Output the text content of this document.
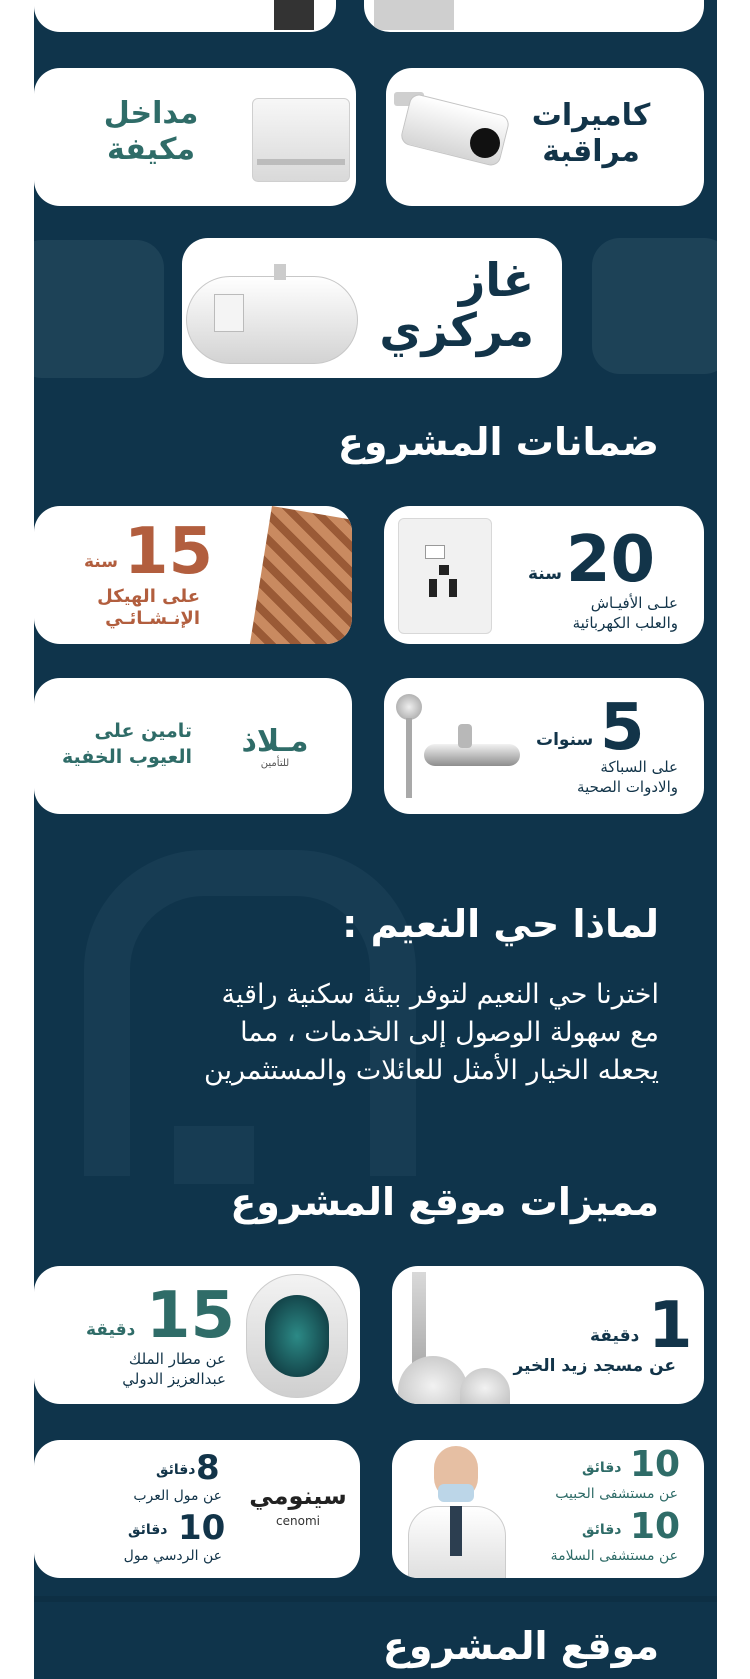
مداخل مكيفة
كاميرات مراقبة
غاز
مركزي
ضمانات المشروع
15
سنة
على الهيكل
الإنـشـائـي
20
سنة
علـى الأفيـاش
والعلب الكهربائية
تامين على
العيوب الخفية	مـلاذ
للتأمين	5
سنوات
على السباكة
والادوات الصحية
لماذا حي النعيم :
اخترنا حي النعيم لتوفر بيئة سكنية راقية
مع سهولة الوصول إلى الخدمات ، مما
يجعله الخيار الأمثل للعائلات والمستثمرين
مميزات موقع المشروع
15
دقيقة
عن مطار الملك
عبدالعزيز الدولي
1
دقيقة
عن مسجد زيد الخير
سينومي
cenomi
8
دقائق
عن مول العرب
10
دقائق
عن الردسي مول
10
دقائق
عن مستشفى الحبيب
10
دقائق
عن مستشفى السلامة
موقع المشروع
